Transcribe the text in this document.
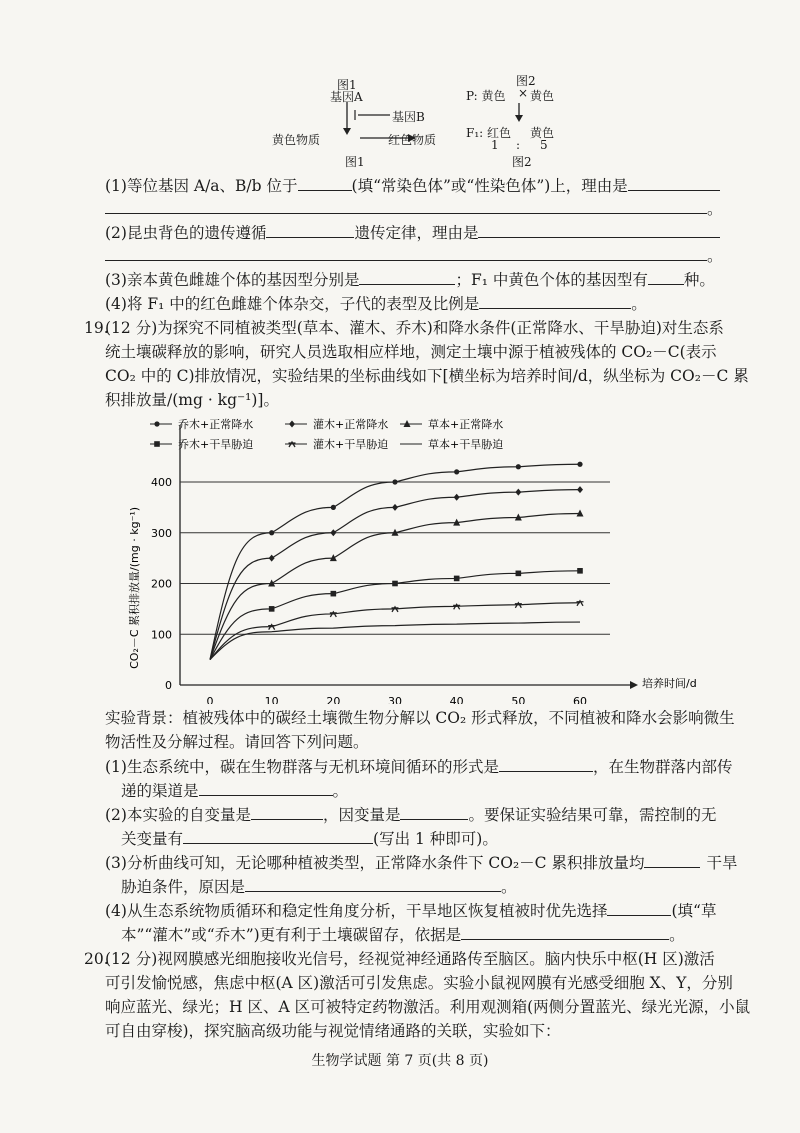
图1
基因A
基因B
黄色物质	红色物质
图1
图2
P: 黄色 × 黄色
F₁: 红色 黄色
1 : 5
图2
(1)等位基因 A/a、B/b 位于	(填“常染色体”或“性染色体”)上，理由是
。
(2)昆虫背色的遗传遵循	遗传定律，理由是
。
(3)亲本黄色雌雄个体的基因型分别是	；F₁ 中黄色个体的基因型有 种。
(4)将 F₁ 中的红色雌雄个体杂交，子代的表型及比例是	。
19.
(12 分)为探究不同植被类型(草本、灌木、乔木)和降水条件(正常降水、干旱胁迫)对生态系
统土壤碳释放的影响，研究人员选取相应样地，测定土壤中源于植被残体的 CO₂－C(表示
CO₂ 中的 C)排放情况，实验结果的坐标曲线如下[横坐标为培养时间/d，纵坐标为 CO₂－C 累
积排放量/(mg · kg⁻¹)]。
100
200
300
400
0
0	10	20	30	40	50	60
培养时间/d
CO₂－C 累积排放量/(mg · kg⁻¹)
乔木+正常降水	灌木+正常降水	草本+正常降水
乔木+干旱胁迫	灌木+干旱胁迫	草本+干旱胁迫
实验背景：植被残体中的碳经土壤微生物分解以 CO₂ 形式释放，不同植被和降水会影响微生
物活性及分解过程。请回答下列问题。
(1)生态系统中，碳在生物群落与无机环境间循环的形式是	，在生物群落内部传
递的渠道是	。
(2)本实验的自变量是	，因变量是	。要保证实验结果可靠，需控制的无
关变量有	(写出 1 种即可)。
(3)分析曲线可知，无论哪种植被类型，正常降水条件下 CO₂－C 累积排放量均	干旱
胁迫条件，原因是	。
(4)从生态系统物质循环和稳定性角度分析，干旱地区恢复植被时优先选择	(填“草
本”“灌木”或“乔木”)更有利于土壤碳留存，依据是	。
20.
(12 分)视网膜感光细胞接收光信号，经视觉神经通路传至脑区。脑内快乐中枢(H 区)激活
可引发愉悦感，焦虑中枢(A 区)激活可引发焦虑。实验小鼠视网膜有光感受细胞 X、Y，分别
响应蓝光、绿光；H 区、A 区可被特定药物激活。利用观测箱(两侧分置蓝光、绿光光源，小鼠
可自由穿梭)，探究脑高级功能与视觉情绪通路的关联，实验如下：
生物学试题 第 7 页(共 8 页)
